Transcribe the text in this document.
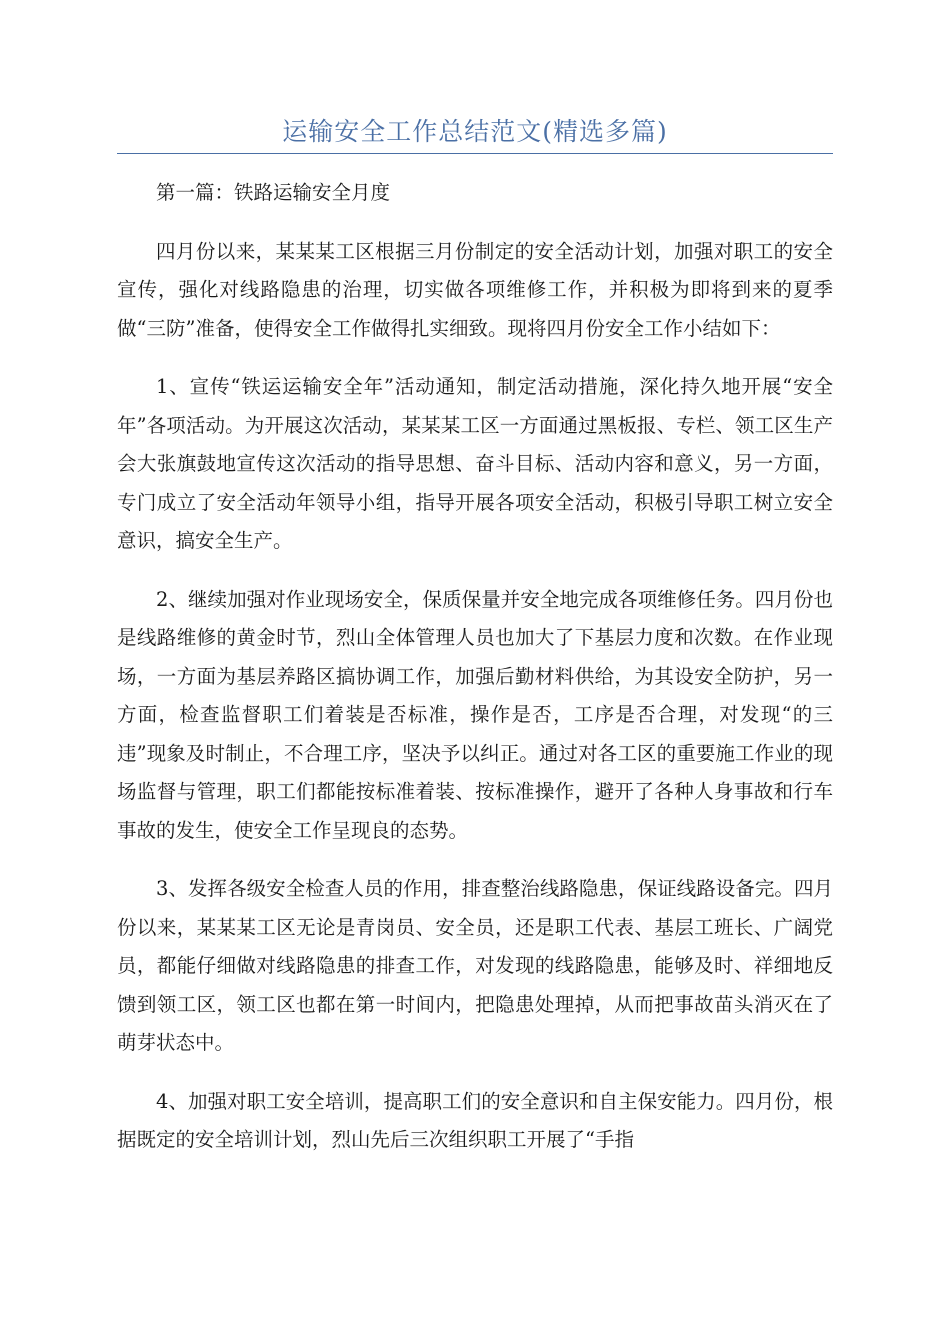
运输安全工作总结范文(精选多篇)

第一篇：铁路运输安全月度

四月份以来，某某某工区根据三月份制定的安全活动计划，加强对职工的安全宣传，强化对线路隐患的治理，切实做各项维修工作，并积极为即将到来的夏季做“三防”准备，使得安全工作做得扎实细致。现将四月份安全工作小结如下：

1、宣传“铁运运输安全年”活动通知，制定活动措施，深化持久地开展“安全年”各项活动。为开展这次活动，某某某工区一方面通过黑板报、专栏、领工区生产会大张旗鼓地宣传这次活动的指导思想、奋斗目标、活动内容和意义，另一方面，专门成立了安全活动年领导小组，指导开展各项安全活动，积极引导职工树立安全意识，搞安全生产。

2、继续加强对作业现场安全，保质保量并安全地完成各项维修任务。四月份也是线路维修的黄金时节，烈山全体管理人员也加大了下基层力度和次数。在作业现场，一方面为基层养路区搞协调工作，加强后勤材料供给，为其设安全防护，另一方面，检查监督职工们着装是否标准，操作是否，工序是否合理，对发现“的三违”现象及时制止，不合理工序，坚决予以纠正。通过对各工区的重要施工作业的现场监督与管理，职工们都能按标准着装、按标准操作，避开了各种人身事故和行车事故的发生，使安全工作呈现良的态势。

3、发挥各级安全检查人员的作用，排查整治线路隐患，保证线路设备完。四月份以来，某某某工区无论是青岗员、安全员，还是职工代表、基层工班长、广阔党员，都能仔细做对线路隐患的排查工作，对发现的线路隐患，能够及时、祥细地反馈到领工区，领工区也都在第一时间内，把隐患处理掉，从而把事故苗头消灭在了萌芽状态中。

4、加强对职工安全培训，提高职工们的安全意识和自主保安能力。四月份，根据既定的安全培训计划，烈山先后三次组织职工开展了“手指
